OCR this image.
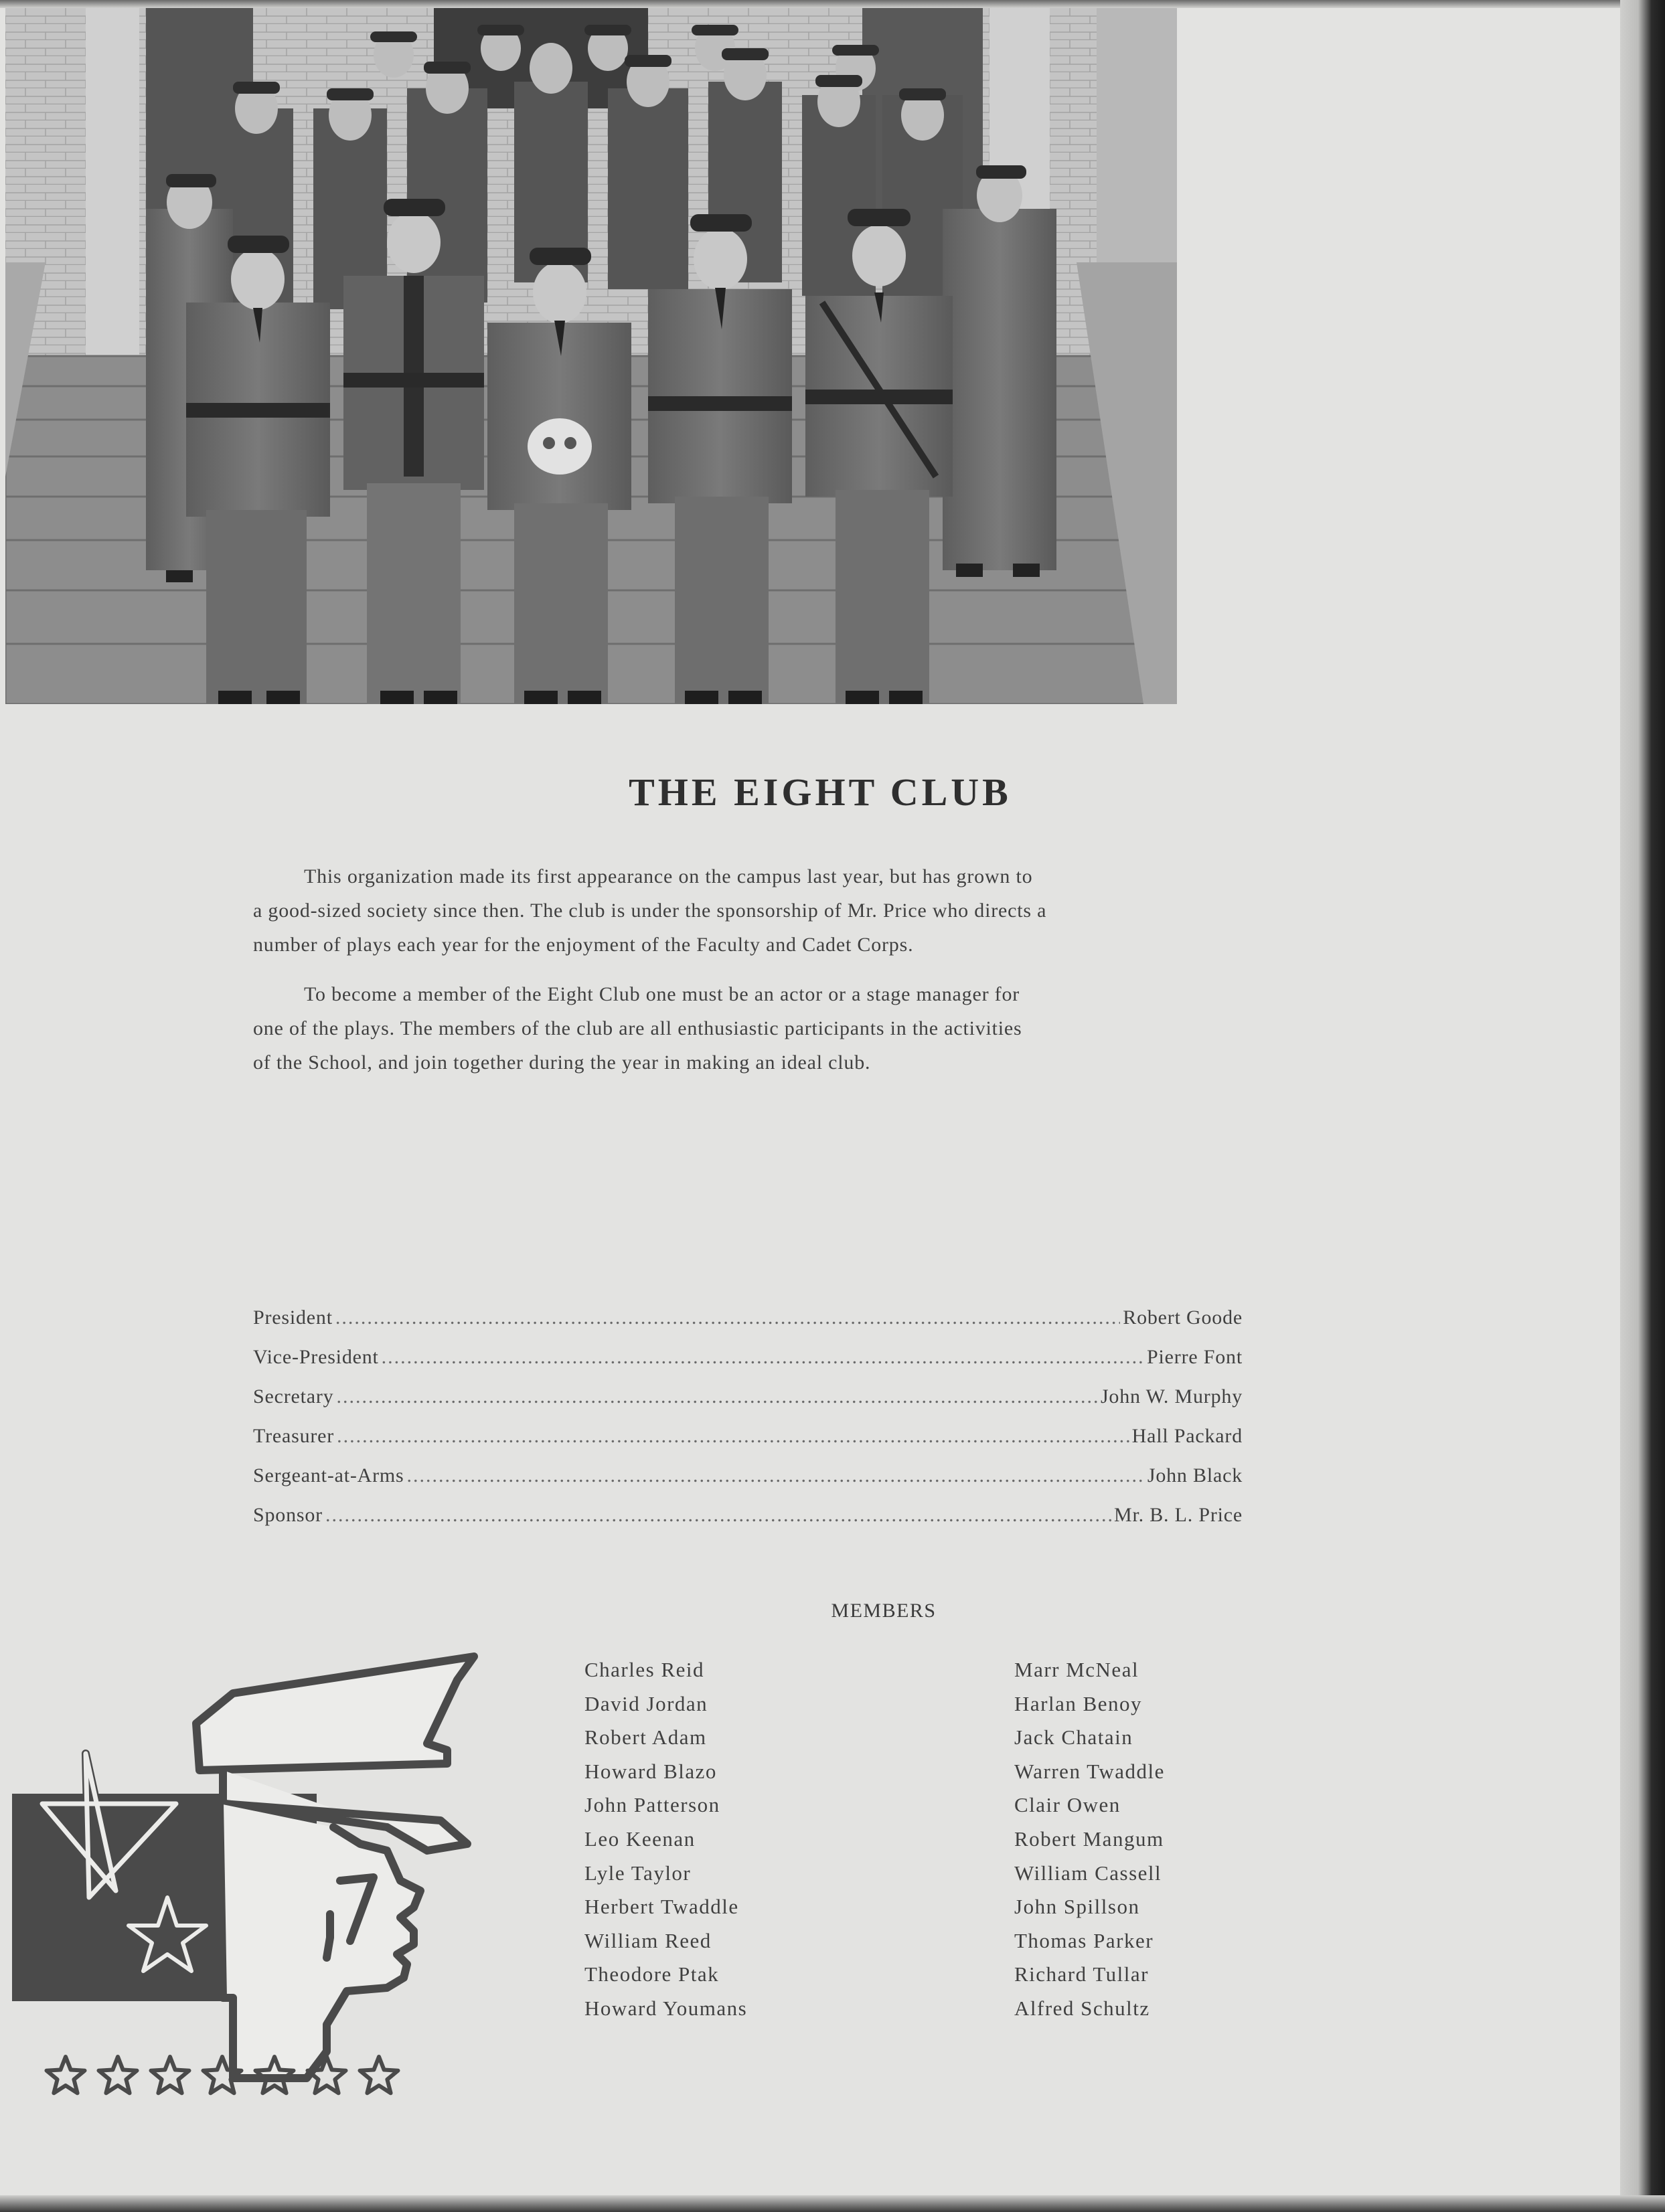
THE EIGHT CLUB
This organization made its first appearance on the campus last year, but has grown to
a good-sized society since then. The club is under the sponsorship of Mr. Price who directs a
number of plays each year for the enjoyment of the Faculty and Cadet Corps.
To become a member of the Eight Club one must be an actor or a stage manager for
one of the plays. The members of the club are all enthusiastic participants in the activities
of the School, and join together during the year in making an ideal club.
President .....	Robert Goode
Vice-President .....	Pierre Font
Secretary .....	John W. Murphy
Treasurer .....	Hall Packard
Sergeant-at-Arms .....	John Black
Sponsor .....	Mr. B. L. Price
MEMBERS
Charles Reid
David Jordan
Robert Adam
Howard Blazo
John Patterson
Leo Keenan
Lyle Taylor
Herbert Twaddle
William Reed
Theodore Ptak
Howard Youmans
Marr McNeal
Harlan Benoy
Jack Chatain
Warren Twaddle
Clair Owen
Robert Mangum
William Cassell
John Spillson
Thomas Parker
Richard Tullar
Alfred Schultz
